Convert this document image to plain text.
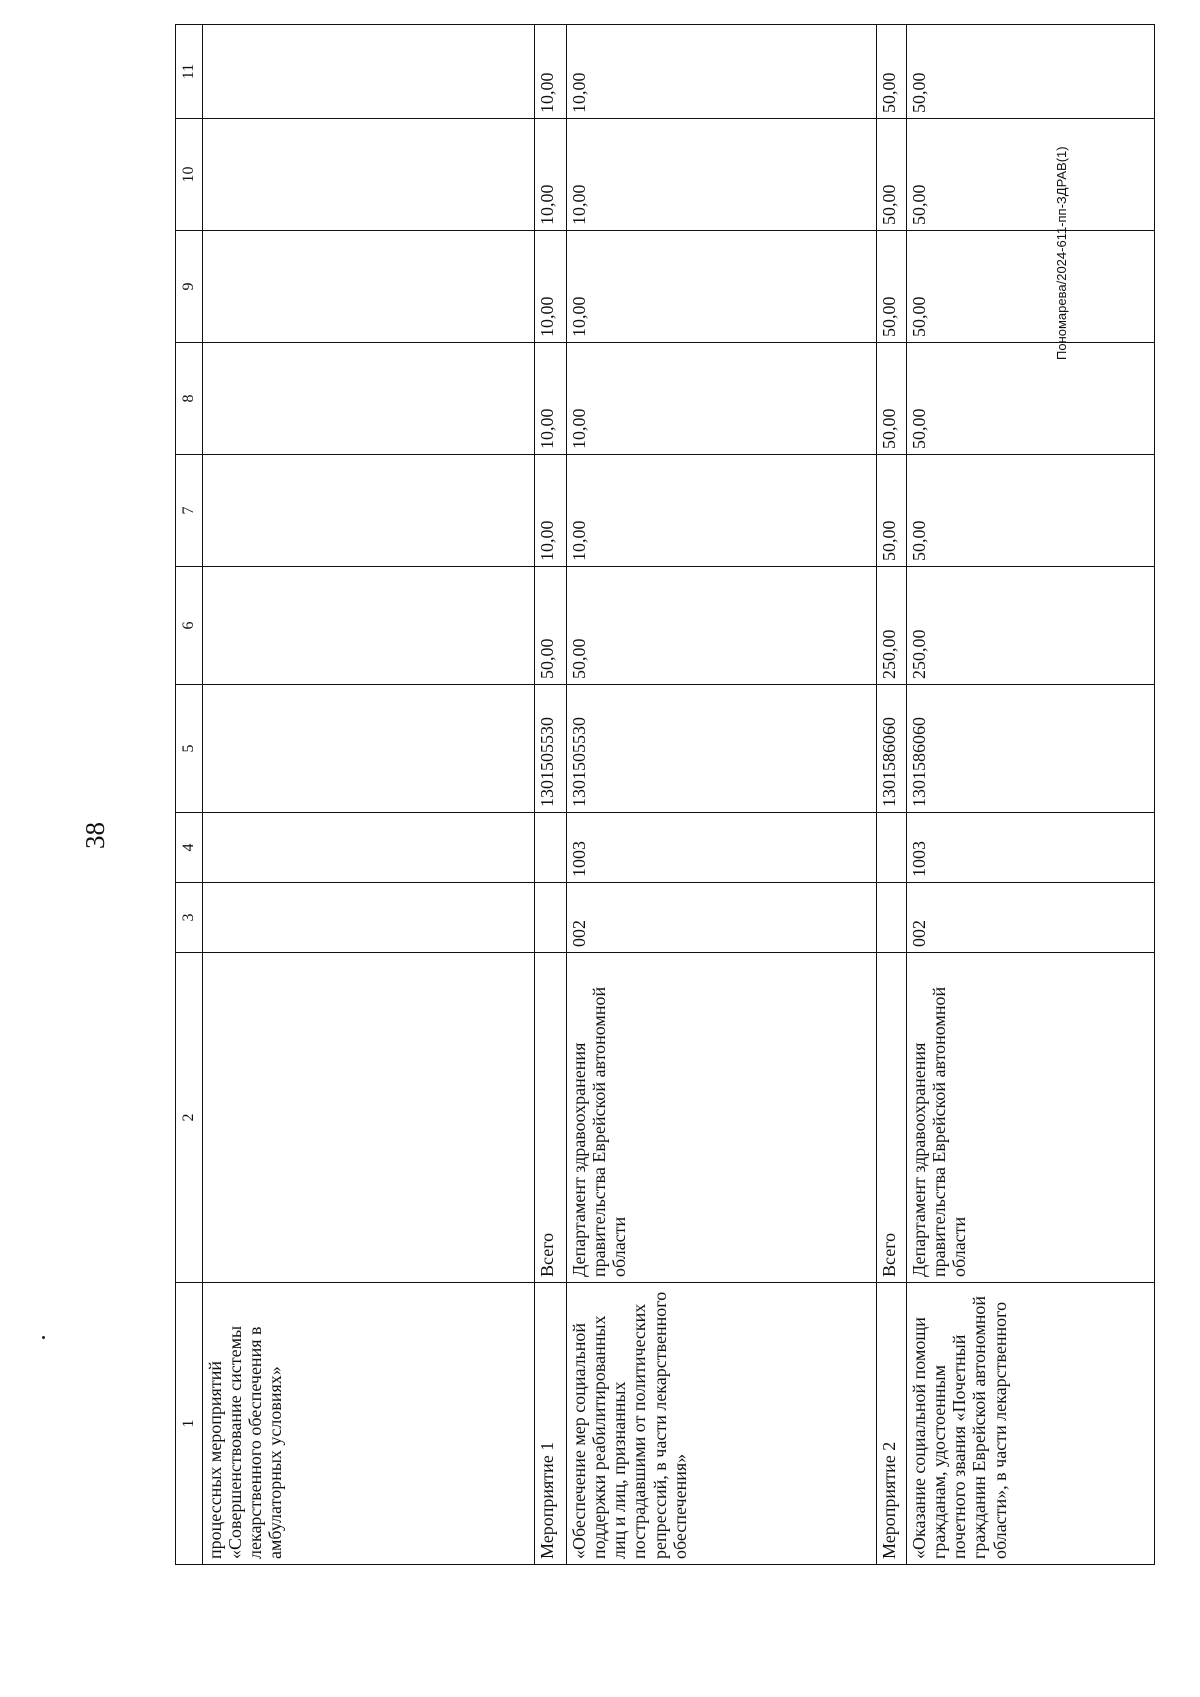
38
Пономарева/2024-611-пп-ЗДРАВ(1)
1	2	3	4	5	6	7	8	9	10	11
процессных мероприятий «Совершенствование системы лекарственного обеспечения в амбулаторных условиях»										
Мероприятие 1	Всего			1301505530	50,00	10,00	10,00	10,00	10,00	10,00
«Обеспечение мер социальной поддержки реабилитированных лиц и лиц, признанных пострадавшими от политических репрессий, в части лекарственного обеспечения»	Департамент здравоохранения правительства Еврейской автономной области	002	1003	1301505530	50,00	10,00	10,00	10,00	10,00	10,00
Мероприятие 2	Всего			1301586060	250,00	50,00	50,00	50,00	50,00	50,00
«Оказание социальной помощи гражданам, удостоенным почетного звания «Почетный гражданин Еврейской автономной области», в части лекарственного	Департамент здравоохранения правительства Еврейской автономной области	002	1003	1301586060	250,00	50,00	50,00	50,00	50,00	50,00
